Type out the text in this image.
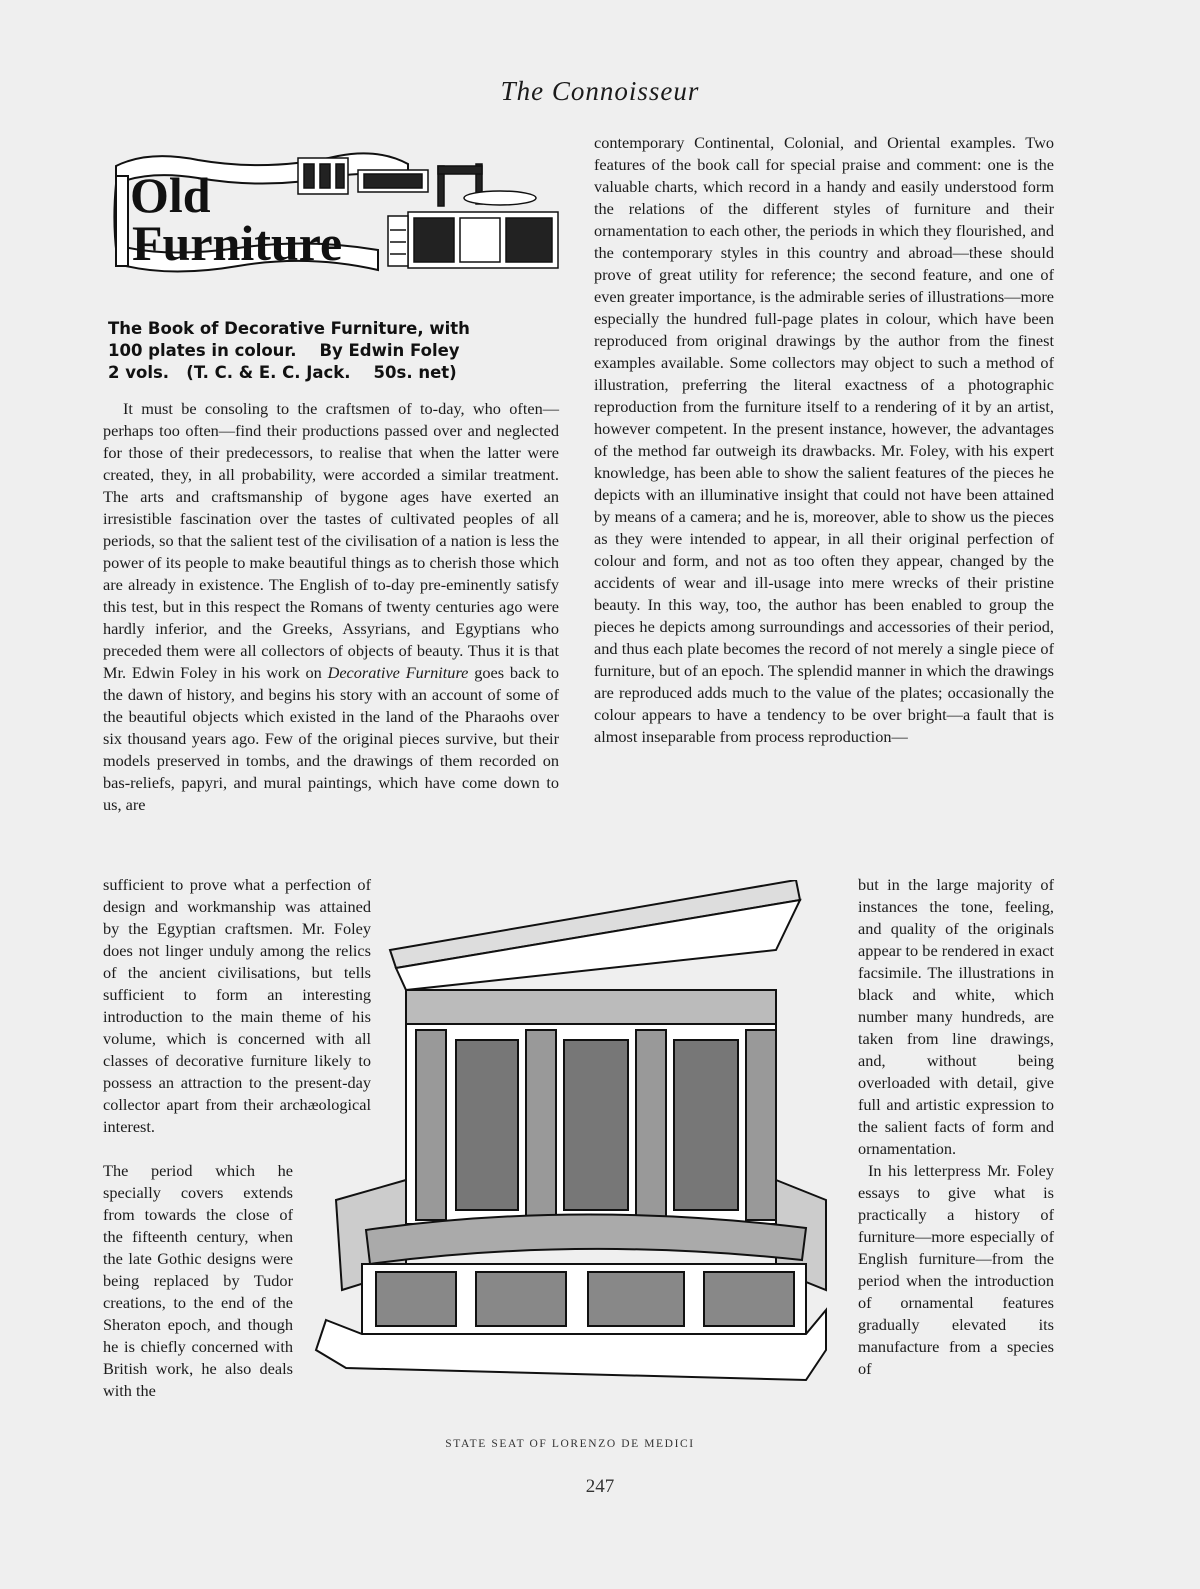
The Connoisseur
Old
Furniture
The Book of Decorative Furniture, with
100 plates in colour.    By Edwin Foley
2 vols.   (T. C. & E. C. Jack.    50s. net)

It must be consoling to the craftsmen of to-day, who often—perhaps too often—find their productions passed over and neglected for those of their predecessors, to realise that when the latter were created, they, in all probability, were accorded a similar treatment. The arts and craftsmanship of bygone ages have exerted an irresistible fascination over the tastes of cultivated peoples of all periods, so that the salient test of the civilisation of a nation is less the power of its people to make beautiful things as to cherish those which are already in existence. The English of to-day pre-eminently satisfy this test, but in this respect the Romans of twenty centuries ago were hardly inferior, and the Greeks, Assyrians, and Egyptians who preceded them were all collectors of objects of beauty. Thus it is that Mr. Edwin Foley in his work on Decorative Furniture goes back to the dawn of history, and begins his story with an account of some of the beautiful objects which existed in the land of the Pharaohs over six thousand years ago. Few of the original pieces survive, but their models preserved in tombs, and the drawings of them recorded on bas-reliefs, papyri, and mural paintings, which have come down to us, are

sufficient to prove what a perfection of design and workmanship was attained by the Egyptian craftsmen. Mr. Foley does not linger unduly among the relics of the ancient civilisations, but tells sufficient to form an interesting introduction to the main theme of his volume, which is concerned with all classes of decorative furniture likely to possess an attraction to the present-day collector apart from their archæological interest.
The period which he specially covers extends from towards the close of the fifteenth century, when the late Gothic designs were being replaced by Tudor creations, to the end of the Sheraton epoch, and though he is chiefly concerned with British work, he also deals with the

contemporary Continental, Colonial, and Oriental examples. Two features of the book call for special praise and comment: one is the valuable charts, which record in a handy and easily understood form the relations of the different styles of furniture and their ornamentation to each other, the periods in which they flourished, and the contemporary styles in this country and abroad—these should prove of great utility for reference; the second feature, and one of even greater importance, is the admirable series of illustrations—more especially the hundred full-page plates in colour, which have been reproduced from original drawings by the author from the finest examples available. Some collectors may object to such a method of illustration, preferring the literal exactness of a photographic reproduction from the furniture itself to a rendering of it by an artist, however competent. In the present instance, however, the advantages of the method far outweigh its drawbacks. Mr. Foley, with his expert knowledge, has been able to show the salient features of the pieces he depicts with an illuminative insight that could not have been attained by means of a camera; and he is, moreover, able to show us the pieces as they were intended to appear, in all their original perfection of colour and form, and not as too often they appear, changed by the accidents of wear and ill-usage into mere wrecks of their pristine beauty. In this way, too, the author has been enabled to group the pieces he depicts among surroundings and accessories of their period, and thus each plate becomes the record of not merely a single piece of furniture, but of an epoch. The splendid manner in which the drawings are reproduced adds much to the value of the plates; occasionally the colour appears to have a tendency to be over bright—a fault that is almost inseparable from process reproduction—

but in the large majority of instances the tone, feeling, and quality of the originals appear to be rendered in exact facsimile. The illustrations in black and white, which number many hundreds, are taken from line drawings, and, without being overloaded with detail, give full and artistic expression to the salient facts of form and ornamentation.

In his letterpress Mr. Foley essays to give what is practically a history of furniture—more especially of English furniture—from the period when the introduction of ornamental features gradually elevated its manufacture from a species of

STATE SEAT OF LORENZO DE MEDICI
247
